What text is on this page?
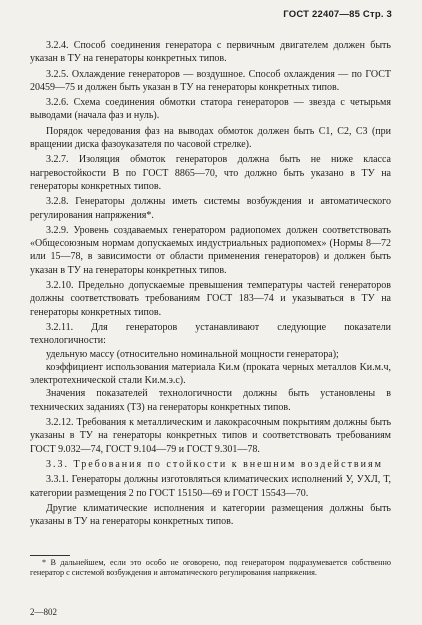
ГОСТ 22407—85 Стр. 3

3.2.4. Способ соединения генератора с первичным двигателем должен быть указан в ТУ на генераторы конкретных типов.

3.2.5. Охлаждение генераторов — воздушное. Способ охлаждения — по ГОСТ 20459—75 и должен быть указан в ТУ на генераторы конкретных типов.

3.2.6. Схема соединения обмотки статора генераторов — звезда с четырьмя выводами (начала фаз и нуль).

Порядок чередования фаз на выводах обмоток должен быть С1, С2, С3 (при вращении диска фазоуказателя по часовой стрелке).

3.2.7. Изоляция обмоток генераторов должна быть не ниже класса нагревостойкости В по ГОСТ 8865—70, что должно быть указано в ТУ на генераторы конкретных типов.

3.2.8. Генераторы должны иметь системы возбуждения и автоматического регулирования напряжения*.

3.2.9. Уровень создаваемых генератором радиопомех должен соответствовать «Общесоюзным нормам допускаемых индустриальных радиопомех» (Нормы 8—72 или 15—78, в зависимости от области применения генераторов) и должен быть указан в ТУ на генераторы конкретных типов.

3.2.10. Предельно допускаемые превышения температуры частей генераторов должны соответствовать требованиям ГОСТ 183—74 и указываться в ТУ на генераторы конкретных типов.

3.2.11. Для генераторов устанавливают следующие показатели технологичности:

удельную массу (относительно номинальной мощности генератора);

коэффициент использования материала Kи.м (проката черных металлов Kи.м.ч, электротехнической стали Kи.м.э.с).

Значения показателей технологичности должны быть установлены в технических заданиях (ТЗ) на генераторы конкретных типов.

3.2.12. Требования к металлическим и лакокрасочным покрытиям должны быть указаны в ТУ на генераторы конкретных типов и соответствовать требованиям ГОСТ 9.032—74, ГОСТ 9.104—79 и ГОСТ 9.301—78.

3.3. Требования по стойкости к внешним воздействиям

3.3.1. Генераторы должны изготовляться климатических исполнений У, УХЛ, Т, категории размещения 2 по ГОСТ 15150—69 и ГОСТ 15543—70.

Другие климатические исполнения и категории размещения должны быть указаны в ТУ на генераторы конкретных типов.

* В дальнейшем, если это особо не оговорено, под генератором подразумевается собственно генератор с системой возбуждения и автоматического регулирования напряжения.
2—802
